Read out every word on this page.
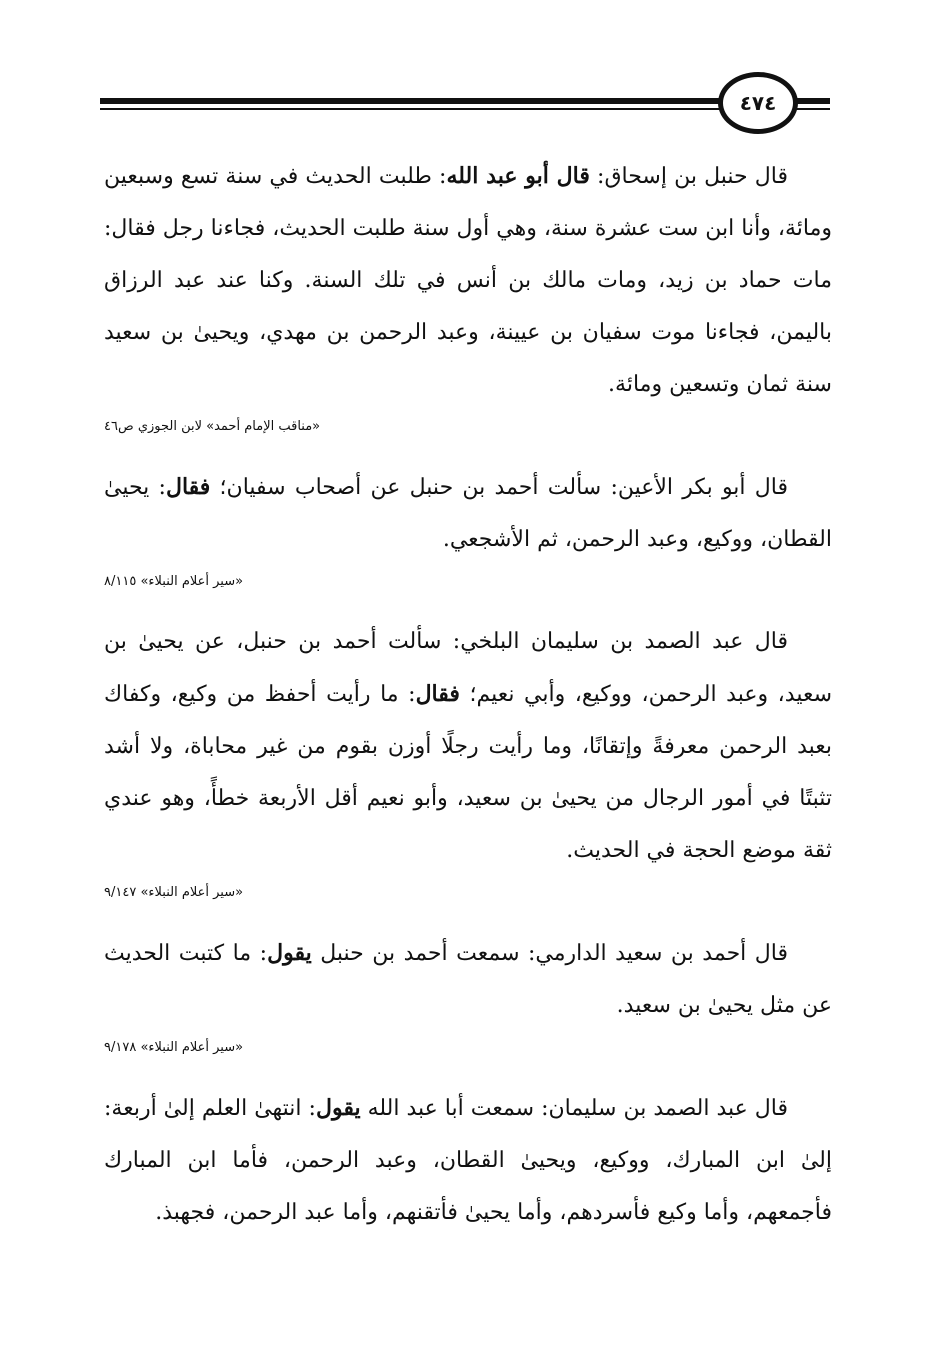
٤٧٤

قال حنبل بن إسحاق: قال أبو عبد الله: طلبت الحديث في سنة تسع وسبعين ومائة، وأنا ابن ست عشرة سنة، وهي أول سنة طلبت الحديث، فجاءنا رجل فقال: مات حماد بن زيد، ومات مالك بن أنس في تلك السنة. وكنا عند عبد الرزاق باليمن، فجاءنا موت سفيان بن عيينة، وعبد الرحمن بن مهدي، ويحيىٰ بن سعيد سنة ثمان وتسعين ومائة.

«مناقب الإمام أحمد» لابن الجوزي ص٤٦

قال أبو بكر الأعين: سألت أحمد بن حنبل عن أصحاب سفيان؛ فقال: يحيىٰ القطان، ووكيع، وعبد الرحمن، ثم الأشجعي.

«سير أعلام النبلاء» ٨/١١٥

قال عبد الصمد بن سليمان البلخي: سألت أحمد بن حنبل، عن يحيىٰ بن سعيد، وعبد الرحمن، ووكيع، وأبي نعيم؛ فقال: ما رأيت أحفظ من وكيع، وكفاك بعبد الرحمن معرفةً وإتقانًا، وما رأيت رجلًا أوزن بقوم من غير محاباة، ولا أشد تثبتًا في أمور الرجال من يحيىٰ بن سعيد، وأبو نعيم أقل الأربعة خطأً، وهو عندي ثقة موضع الحجة في الحديث.

«سير أعلام النبلاء» ٩/١٤٧

قال أحمد بن سعيد الدارمي: سمعت أحمد بن حنبل يقول: ما كتبت الحديث عن مثل يحيىٰ بن سعيد.

«سير أعلام النبلاء» ٩/١٧٨

قال عبد الصمد بن سليمان: سمعت أبا عبد الله يقول: انتهىٰ العلم إلىٰ أربعة: إلىٰ ابن المبارك، ووكيع، ويحيىٰ القطان، وعبد الرحمن، فأما ابن المبارك فأجمعهم، وأما وكيع فأسردهم، وأما يحيىٰ فأتقنهم، وأما عبد الرحمن، فجهبذ.
